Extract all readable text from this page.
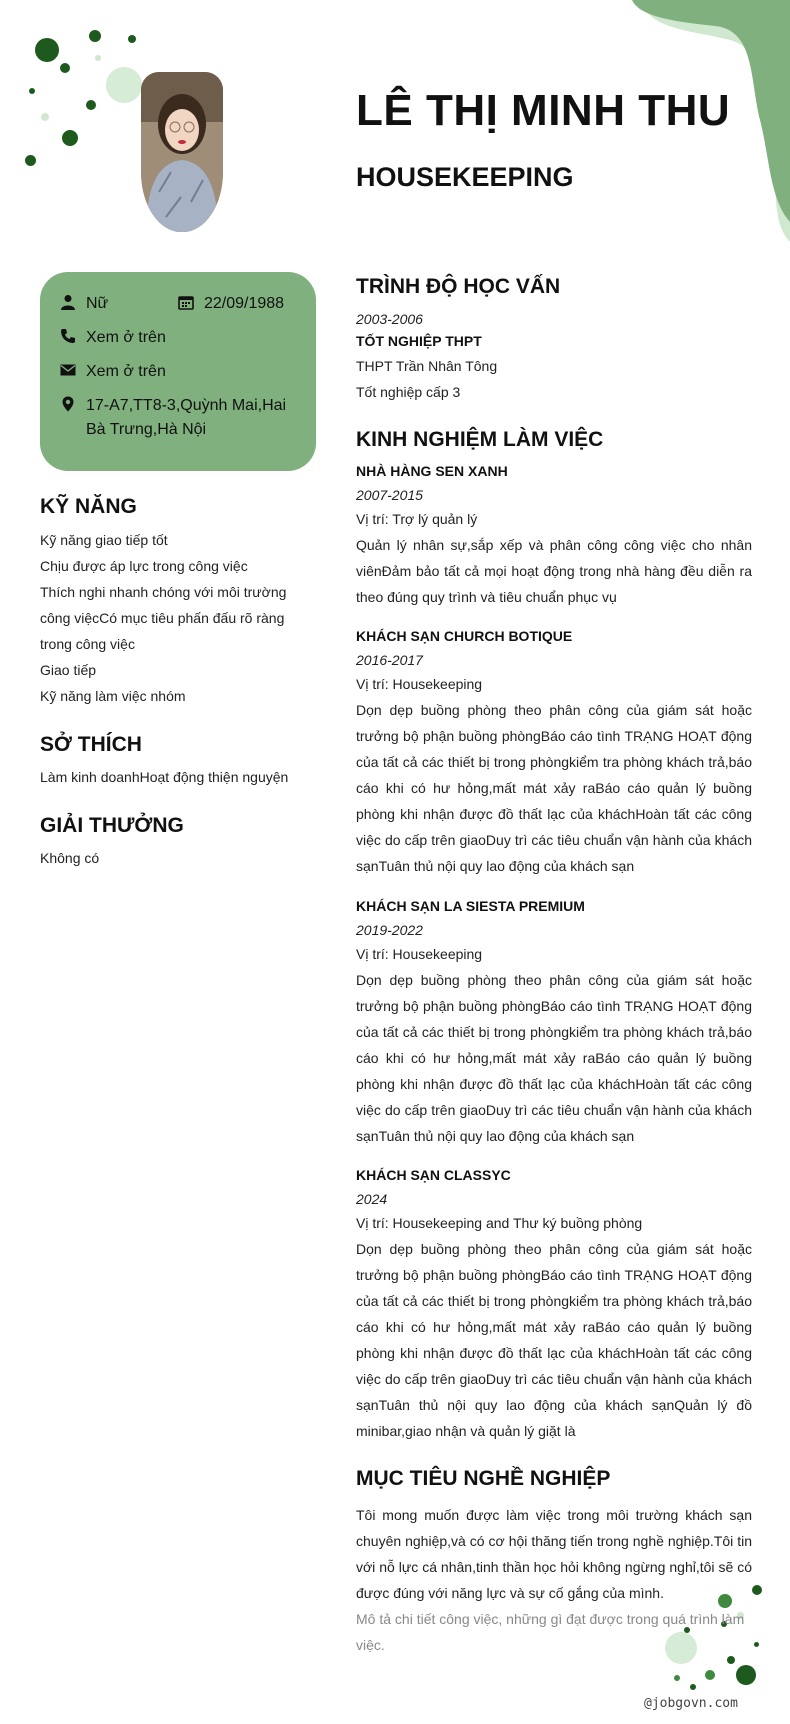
LÊ THỊ MINH THU
HOUSEKEEPING
Nữ	22/09/1988
Xem ở trên
Xem ở trên
17-A7,TT8-3,Quỳnh Mai,Hai Bà Trưng,Hà Nội
KỸ NĂNG
Kỹ năng giao tiếp tốt
Chịu được áp lực trong công việc
Thích nghi nhanh chóng với môi trường công việcCó mục tiêu phấn đấu rõ ràng trong công việc
Giao tiếp
Kỹ năng làm việc nhóm
SỞ THÍCH
Làm kinh doanhHoạt động thiện nguyện
GIẢI THƯỞNG
Không có
TRÌNH ĐỘ HỌC VẤN
2003-2006
TỐT NGHIỆP THPT
THPT Trần Nhân Tông
Tốt nghiệp cấp 3
KINH NGHIỆM LÀM VIỆC
NHÀ HÀNG SEN XANH
2007-2015
Vị trí: Trợ lý quản lý
Quản lý nhân sự,sắp xếp và phân công công việc cho nhân viênĐảm bảo tất cả mọi hoạt động trong nhà hàng đều diễn ra theo đúng quy trình và tiêu chuẩn phục vụ
KHÁCH SẠN CHURCH BOTIQUE
2016-2017
Vị trí: Housekeeping
Dọn dẹp buồng phòng theo phân công của giám sát hoặc trưởng bộ phận buồng phòngBáo cáo tình TRẠNG HOẠT động của tất cả các thiết bị trong phòngkiểm tra phòng khách trả,báo cáo khi có hư hỏng,mất mát xảy raBáo cáo quản lý buồng phòng khi nhận được đồ thất lạc của kháchHoàn tất các công việc do cấp trên giaoDuy trì các tiêu chuẩn vận hành của khách sạnTuân thủ nội quy lao động của khách sạn
KHÁCH SẠN LA SIESTA PREMIUM
2019-2022
Vị trí: Housekeeping
Dọn dẹp buồng phòng theo phân công của giám sát hoặc trưởng bộ phận buồng phòngBáo cáo tình TRẠNG HOẠT động của tất cả các thiết bị trong phòngkiểm tra phòng khách trả,báo cáo khi có hư hỏng,mất mát xảy raBáo cáo quản lý buồng phòng khi nhận được đồ thất lạc của kháchHoàn tất các công việc do cấp trên giaoDuy trì các tiêu chuẩn vận hành của khách sạnTuân thủ nội quy lao động của khách sạn
KHÁCH SẠN CLASSYC
2024
Vị trí: Housekeeping and Thư ký buồng phòng
Dọn dẹp buồng phòng theo phân công của giám sát hoặc trưởng bộ phận buồng phòngBáo cáo tình TRẠNG HOẠT động của tất cả các thiết bị trong phòngkiểm tra phòng khách trả,báo cáo khi có hư hỏng,mất mát xảy raBáo cáo quản lý buồng phòng khi nhận được đồ thất lạc của kháchHoàn tất các công việc do cấp trên giaoDuy trì các tiêu chuẩn vận hành của khách sạnTuân thủ nội quy lao động của khách sạnQuản lý đồ minibar,giao nhận và quản lý giặt là
MỤC TIÊU NGHỀ NGHIỆP
Tôi mong muốn được làm việc trong môi trường khách sạn chuyên nghiệp,và có cơ hội thăng tiến trong nghề nghiệp.Tôi tin với nỗ lực cá nhân,tinh thần học hỏi không ngừng nghỉ,tôi sẽ có được đúng với năng lực và sự cố gắng của mình.
Mô tả chi tiết công việc, những gì đạt được trong quá trình làm việc.
@jobgovn.com
